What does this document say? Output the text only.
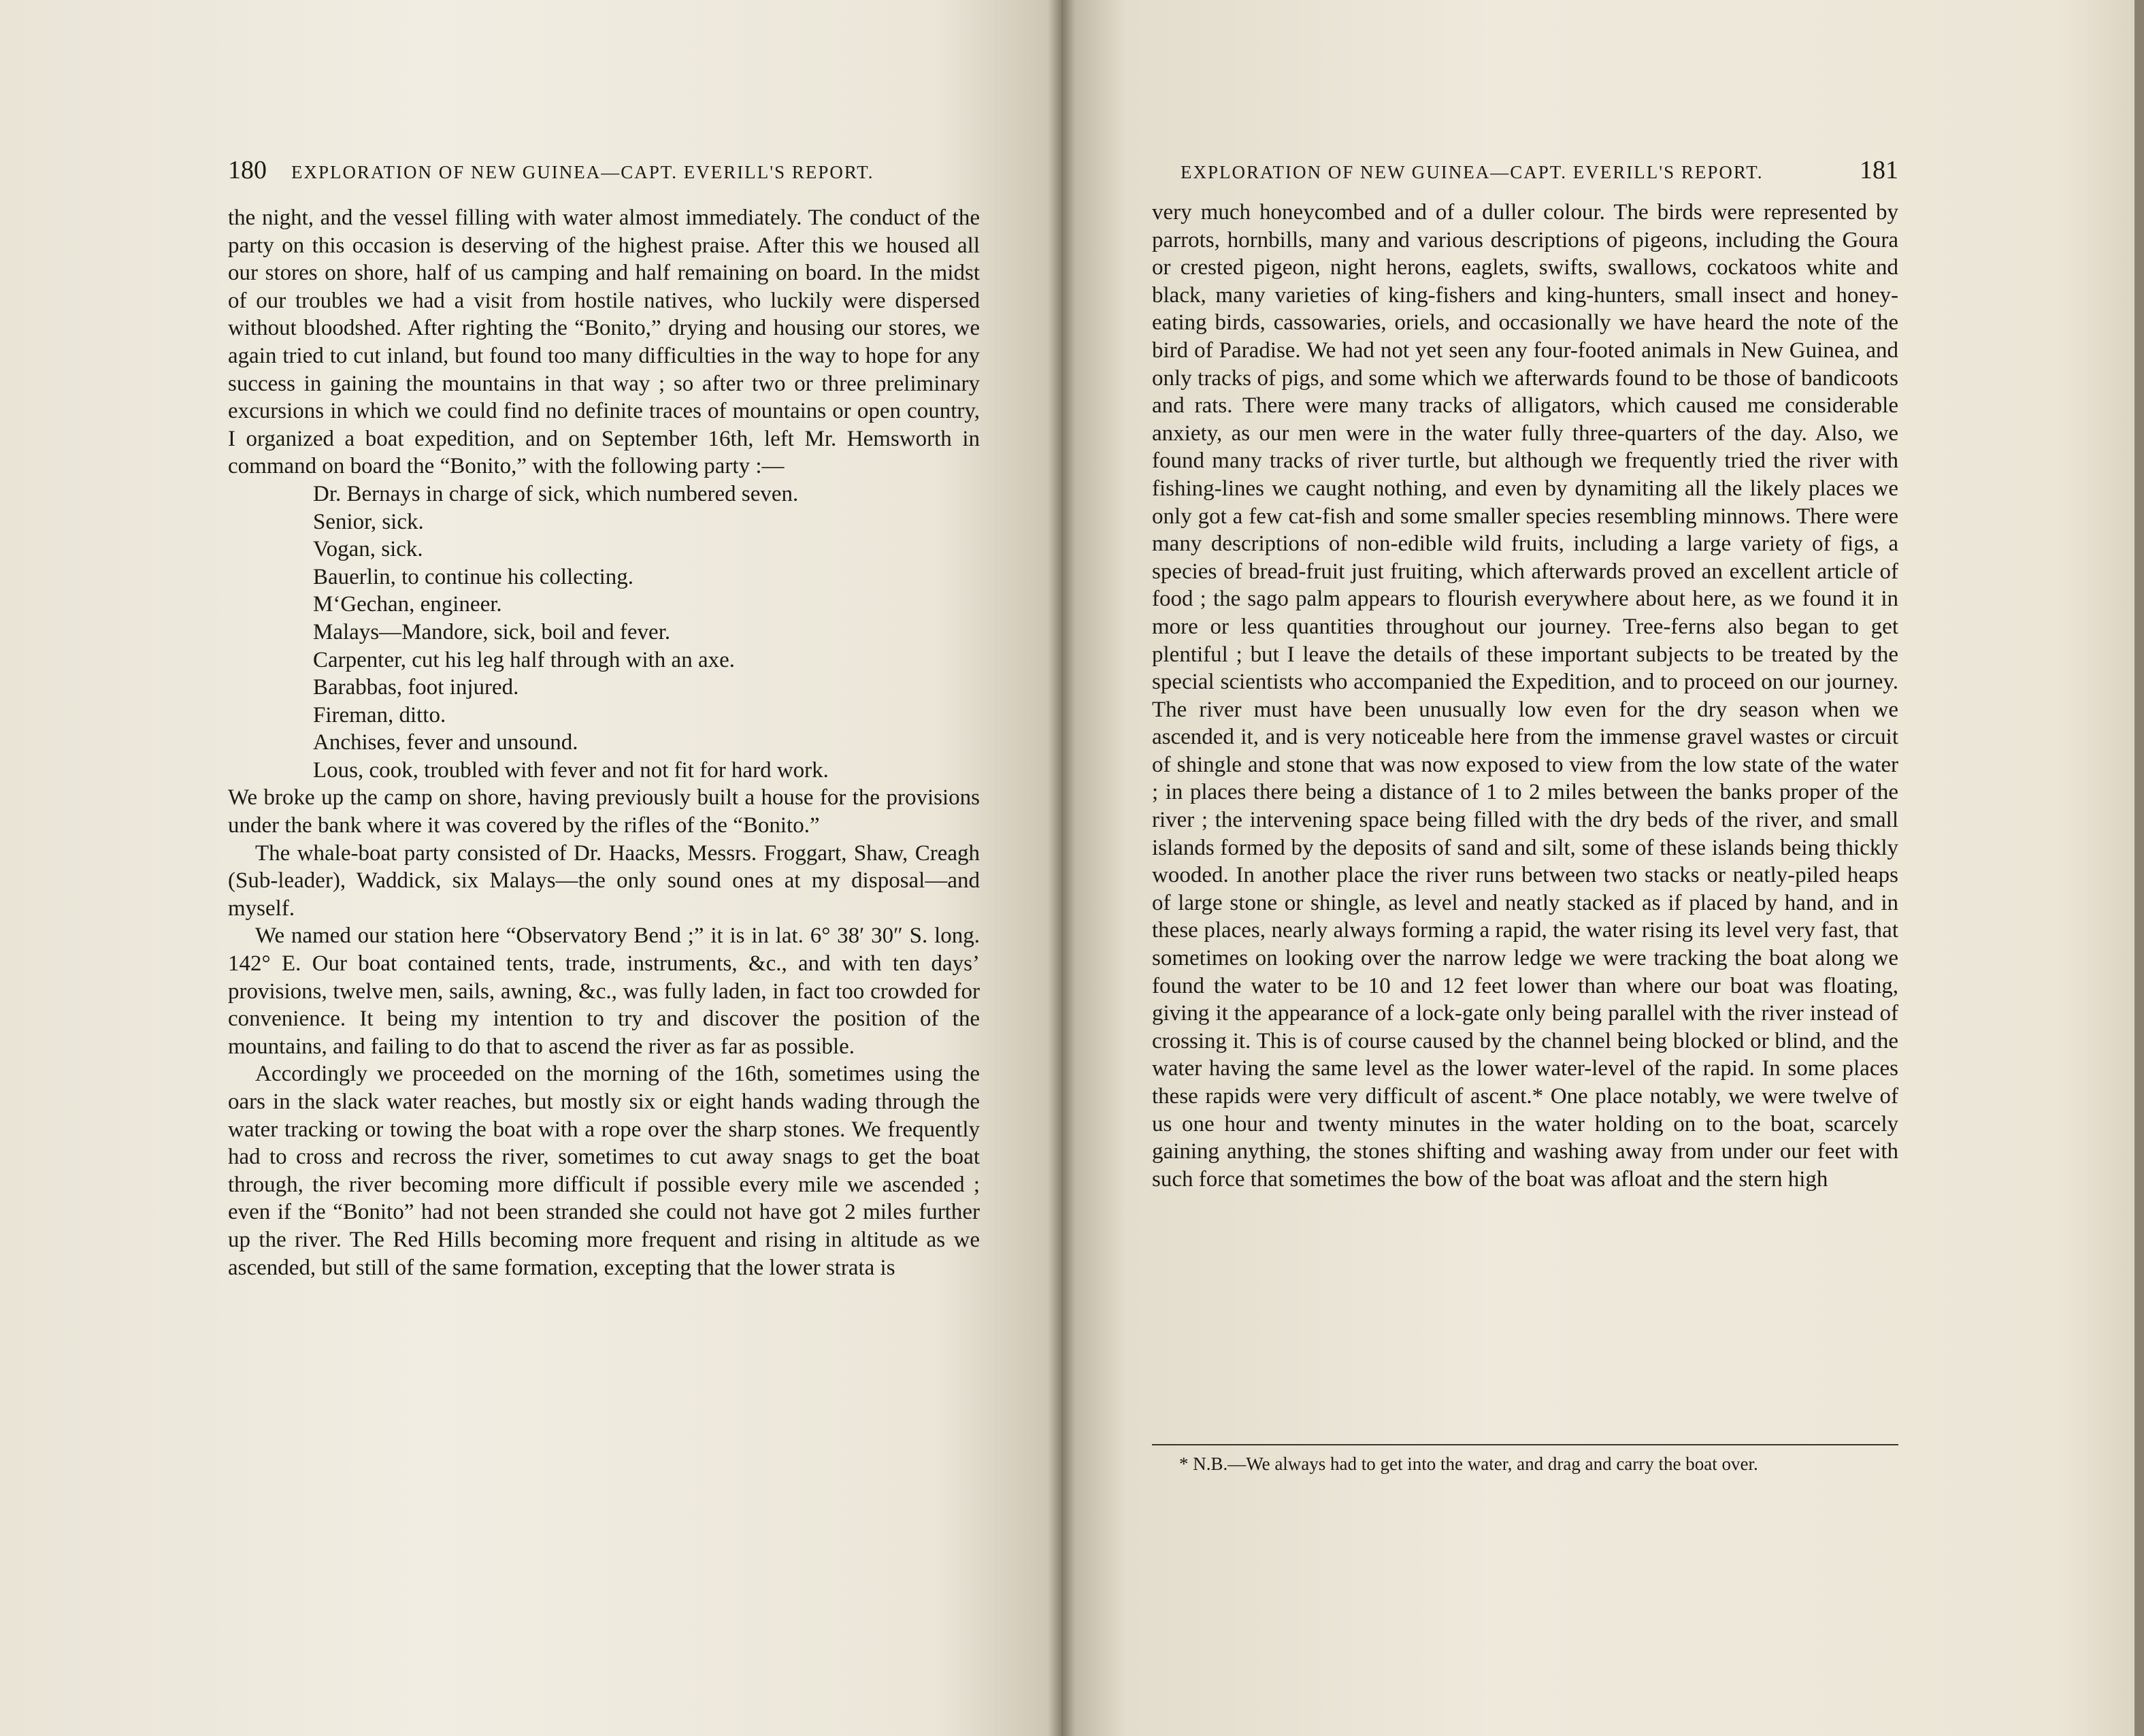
180 EXPLORATION OF NEW GUINEA—CAPT. EVERILL'S REPORT.

the night, and the vessel filling with water almost immediately. The conduct of the party on this occasion is deserving of the highest praise. After this we housed all our stores on shore, half of us camping and half remaining on board. In the midst of our troubles we had a visit from hostile natives, who luckily were dispersed without bloodshed. After righting the “Bonito,” drying and housing our stores, we again tried to cut inland, but found too many difficulties in the way to hope for any success in gaining the mountains in that way ; so after two or three preliminary excursions in which we could find no definite traces of mountains or open country, I organized a boat expedition, and on September 16th, left Mr. Hemsworth in command on board the “Bonito,” with the following party :—

Dr. Bernays in charge of sick, which numbered seven.
Senior, sick.
Vogan, sick.
Bauerlin, to continue his collecting.
M‘Gechan, engineer.
Malays—Mandore, sick, boil and fever.
Carpenter, cut his leg half through with an axe.
Barabbas, foot injured.
Fireman, ditto.
Anchises, fever and unsound.
Lous, cook, troubled with fever and not fit for hard work.

We broke up the camp on shore, having previously built a house for the provisions under the bank where it was covered by the rifles of the “Bonito.”

The whale-boat party consisted of Dr. Haacks, Messrs. Froggart, Shaw, Creagh (Sub-leader), Waddick, six Malays—the only sound ones at my disposal—and myself.

We named our station here “Observatory Bend ;” it is in lat. 6° 38′ 30″ S. long. 142° E. Our boat contained tents, trade, instruments, &c., and with ten days’ provisions, twelve men, sails, awning, &c., was fully laden, in fact too crowded for convenience. It being my intention to try and discover the position of the mountains, and failing to do that to ascend the river as far as possible.

Accordingly we proceeded on the morning of the 16th, sometimes using the oars in the slack water reaches, but mostly six or eight hands wading through the water tracking or towing the boat with a rope over the sharp stones. We frequently had to cross and recross the river, sometimes to cut away snags to get the boat through, the river becoming more difficult if possible every mile we ascended ; even if the “Bonito” had not been stranded she could not have got 2 miles further up the river. The Red Hills becoming more frequent and rising in altitude as we ascended, but still of the same formation, excepting that the lower strata is

EXPLORATION OF NEW GUINEA—CAPT. EVERILL'S REPORT.	181

very much honeycombed and of a duller colour. The birds were represented by parrots, hornbills, many and various descriptions of pigeons, including the Goura or crested pigeon, night herons, eaglets, swifts, swallows, cockatoos white and black, many varieties of king-fishers and king-hunters, small insect and honey-eating birds, cassowaries, oriels, and occasionally we have heard the note of the bird of Paradise. We had not yet seen any four-footed animals in New Guinea, and only tracks of pigs, and some which we afterwards found to be those of bandicoots and rats. There were many tracks of alligators, which caused me considerable anxiety, as our men were in the water fully three-quarters of the day. Also, we found many tracks of river turtle, but although we frequently tried the river with fishing-lines we caught nothing, and even by dynamiting all the likely places we only got a few cat-fish and some smaller species resembling minnows. There were many descriptions of non-edible wild fruits, including a large variety of figs, a species of bread-fruit just fruiting, which afterwards proved an excellent article of food ; the sago palm appears to flourish everywhere about here, as we found it in more or less quantities throughout our journey. Tree-ferns also began to get plentiful ; but I leave the details of these important subjects to be treated by the special scientists who accompanied the Expedition, and to proceed on our journey. The river must have been unusually low even for the dry season when we ascended it, and is very noticeable here from the immense gravel wastes or circuit of shingle and stone that was now exposed to view from the low state of the water ; in places there being a distance of 1 to 2 miles between the banks proper of the river ; the intervening space being filled with the dry beds of the river, and small islands formed by the deposits of sand and silt, some of these islands being thickly wooded. In another place the river runs between two stacks or neatly-piled heaps of large stone or shingle, as level and neatly stacked as if placed by hand, and in these places, nearly always forming a rapid, the water rising its level very fast, that sometimes on looking over the narrow ledge we were tracking the boat along we found the water to be 10 and 12 feet lower than where our boat was floating, giving it the appearance of a lock-gate only being parallel with the river instead of crossing it. This is of course caused by the channel being blocked or blind, and the water having the same level as the lower water-level of the rapid. In some places these rapids were very difficult of ascent.* One place notably, we were twelve of us one hour and twenty minutes in the water holding on to the boat, scarcely gaining anything, the stones shifting and washing away from under our feet with such force that sometimes the bow of the boat was afloat and the stern high

* N.B.—We always had to get into the water, and drag and carry the boat over.
